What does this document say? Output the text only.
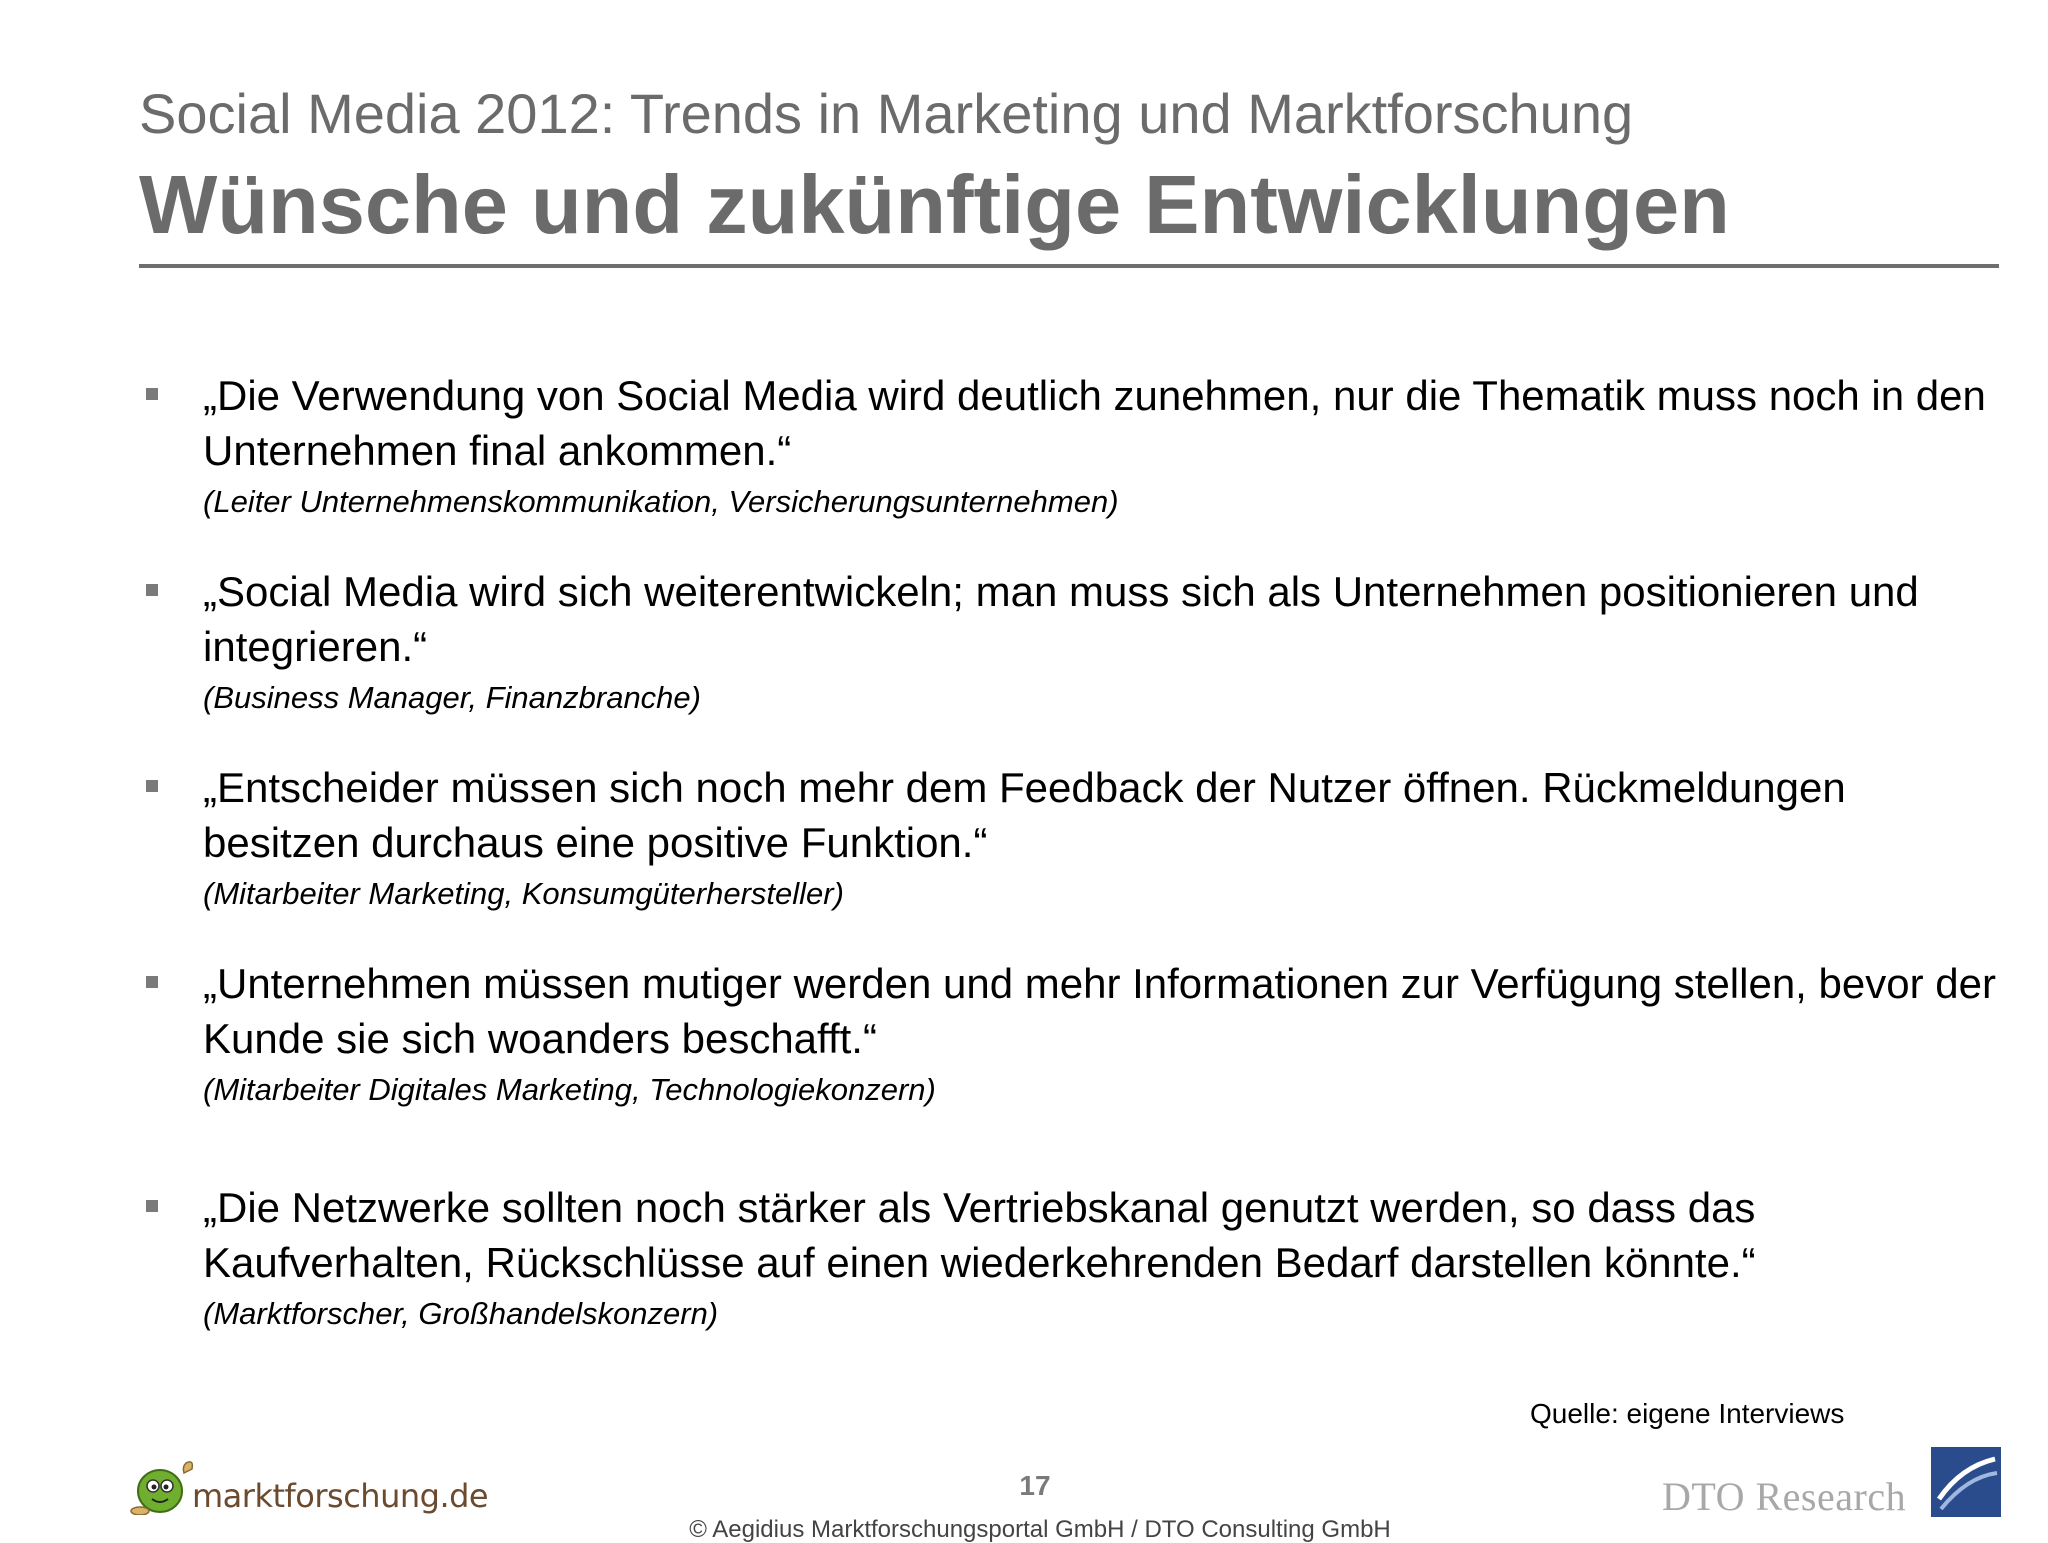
Social Media 2012: Trends in Marketing und Marktforschung
Wünsche und zukünftige Entwicklungen
„Die Verwendung von Social Media wird deutlich zunehmen, nur die Thematik muss noch in den Unternehmen final ankommen.“
(Leiter Unternehmenskommunikation, Versicherungsunternehmen)
„Social Media wird sich weiterentwickeln; man muss sich als Unternehmen positionieren und integrieren.“
(Business Manager, Finanzbranche)
„Entscheider müssen sich noch mehr dem Feedback der Nutzer öffnen. Rückmeldungen besitzen durchaus eine positive Funktion.“
(Mitarbeiter Marketing, Konsumgüterhersteller)
„Unternehmen müssen mutiger werden und mehr Informationen zur Verfügung stellen, bevor der Kunde sie sich woanders beschafft.“
(Mitarbeiter Digitales Marketing, Technologiekonzern)
„Die Netzwerke sollten noch stärker als Vertriebskanal genutzt werden, so dass das Kaufverhalten, Rückschlüsse auf einen wiederkehrenden Bedarf darstellen könnte.“
(Marktforscher, Großhandelskonzern)
Quelle: eigene Interviews
marktforschung.de	17
© Aegidius Marktforschungsportal GmbH / DTO Consulting GmbH
DTO Research
